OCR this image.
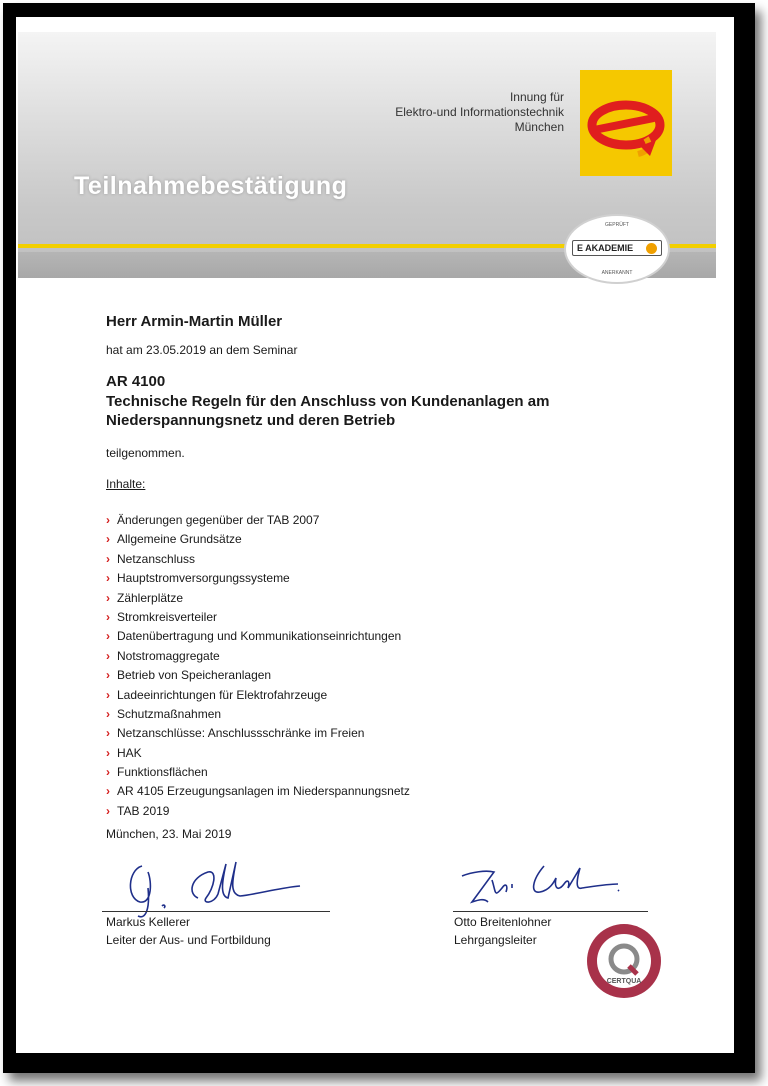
Innung für
Elektro-und Informationstechnik
München
Teilnahmebestätigung
GEPRÜFT
E AKADEMIE
ANERKANNT
Herr Armin-Martin Müller
hat am 23.05.2019 an dem Seminar
AR 4100
Technische Regeln für den Anschluss von Kundenanlagen am Niederspannungsnetz und deren Betrieb
teilgenommen.
Inhalte:
› Änderungen gegenüber der TAB 2007
› Allgemeine Grundsätze
› Netzanschluss
› Hauptstromversorgungssysteme
› Zählerplätze
› Stromkreisverteiler
› Datenübertragung und Kommunikationseinrichtungen
› Notstromaggregate
› Betrieb von Speicheranlagen
› Ladeeinrichtungen für Elektrofahrzeuge
› Schutzmaßnahmen
› Netzanschlüsse: Anschlussschränke im Freien
› HAK
› Funktionsflächen
› AR 4105 Erzeugungsanlagen im Niederspannungsnetz
› TAB 2019
München, 23. Mai 2019
Markus Kellerer
Leiter der Aus- und Fortbildung
Otto Breitenlohner
Lehrgangsleiter
CERTQUA
